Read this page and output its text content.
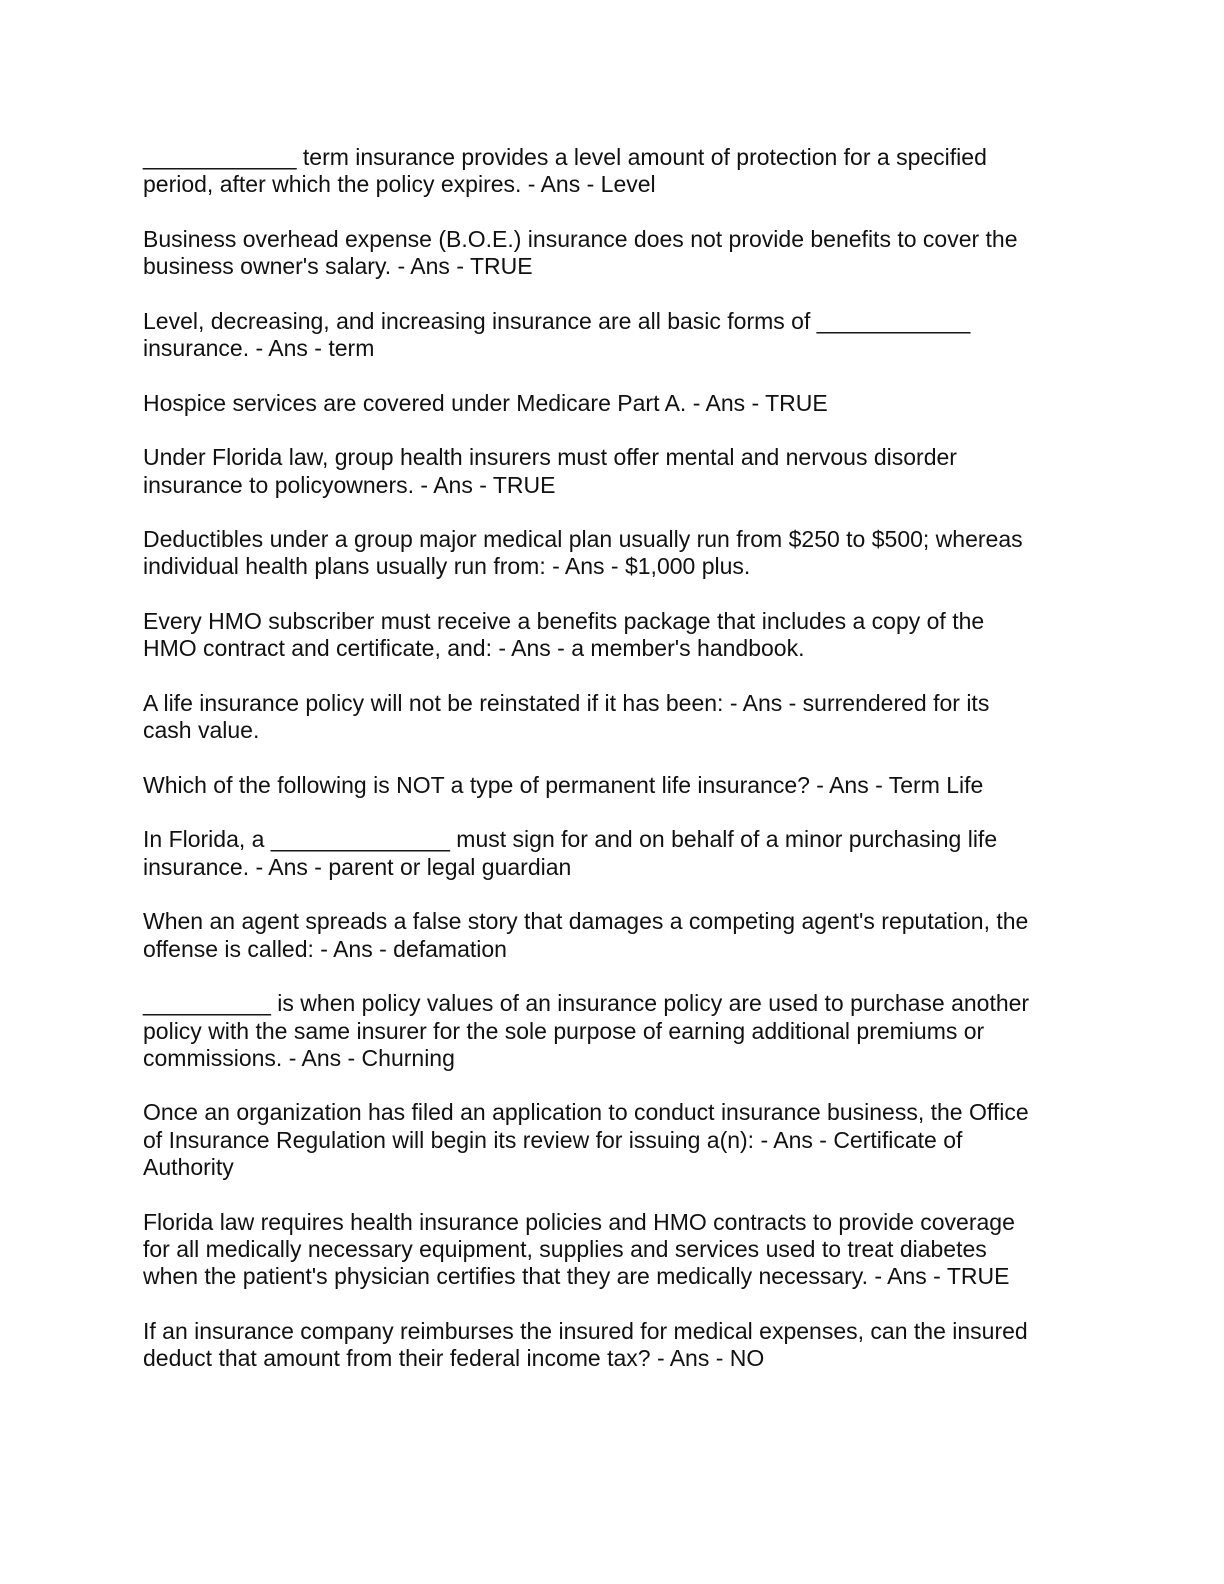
____________ term insurance provides a level amount of protection for a specified
period, after which the policy expires. - Ans - Level

Business overhead expense (B.O.E.) insurance does not provide benefits to cover the
business owner's salary. - Ans - TRUE

Level, decreasing, and increasing insurance are all basic forms of ____________
insurance. - Ans - term

Hospice services are covered under Medicare Part A. - Ans - TRUE

Under Florida law, group health insurers must offer mental and nervous disorder
insurance to policyowners. - Ans - TRUE

Deductibles under a group major medical plan usually run from $250 to $500; whereas
individual health plans usually run from: - Ans - $1,000 plus.

Every HMO subscriber must receive a benefits package that includes a copy of the
HMO contract and certificate, and: - Ans - a member's handbook.

A life insurance policy will not be reinstated if it has been: - Ans - surrendered for its
cash value.

Which of the following is NOT a type of permanent life insurance? - Ans - Term Life

In Florida, a ______________ must sign for and on behalf of a minor purchasing life
insurance. - Ans - parent or legal guardian

When an agent spreads a false story that damages a competing agent's reputation, the
offense is called: - Ans - defamation

__________ is when policy values of an insurance policy are used to purchase another
policy with the same insurer for the sole purpose of earning additional premiums or
commissions. - Ans - Churning

Once an organization has filed an application to conduct insurance business, the Office
of Insurance Regulation will begin its review for issuing a(n): - Ans - Certificate of
Authority

Florida law requires health insurance policies and HMO contracts to provide coverage
for all medically necessary equipment, supplies and services used to treat diabetes
when the patient's physician certifies that they are medically necessary. - Ans - TRUE

If an insurance company reimburses the insured for medical expenses, can the insured
deduct that amount from their federal income tax? - Ans - NO
